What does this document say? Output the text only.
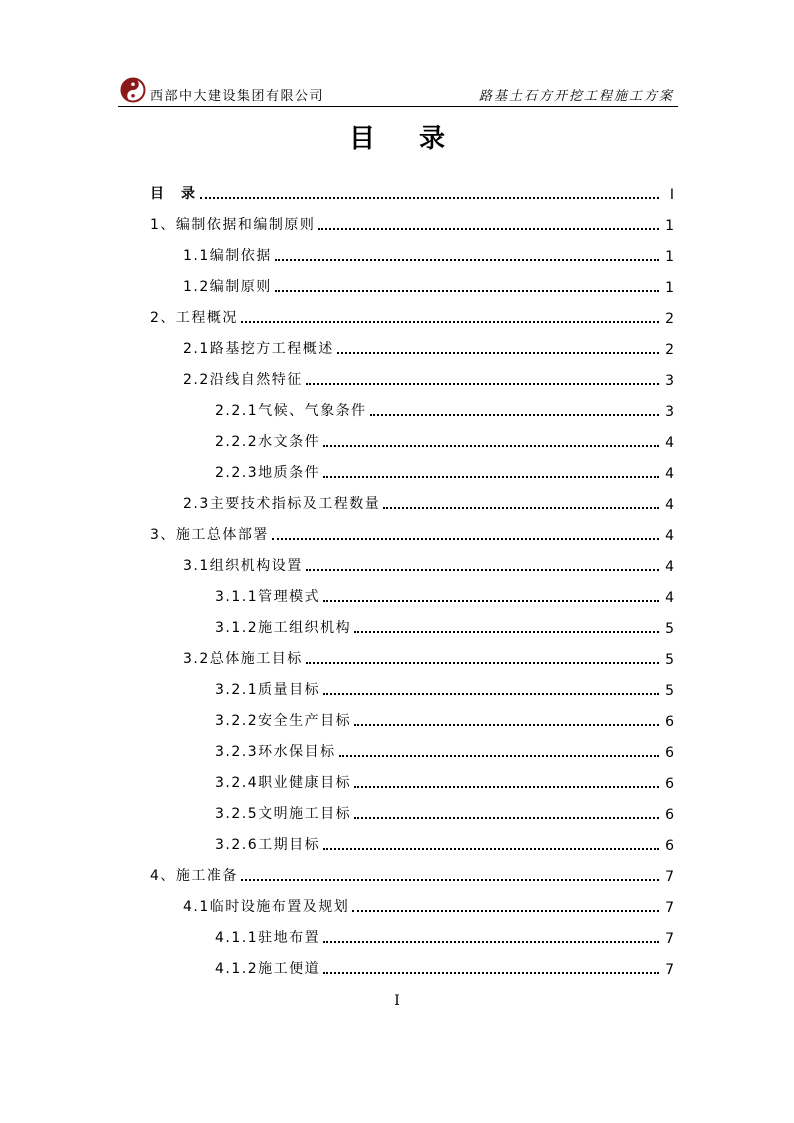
西部中大建设集团有限公司	路基土石方开挖工程施工方案
目 录
目　录	I
1、编制依据和编制原则	1
1.1编制依据	1
1.2编制原则	1
2、工程概况	2
2.1路基挖方工程概述	2
2.2沿线自然特征	3
2.2.1气候、气象条件	3
2.2.2水文条件	4
2.2.3地质条件	4
2.3主要技术指标及工程数量	4
3、施工总体部署	4
3.1组织机构设置	4
3.1.1管理模式	4
3.1.2施工组织机构	5
3.2总体施工目标	5
3.2.1质量目标	5
3.2.2安全生产目标	6
3.2.3环水保目标	6
3.2.4职业健康目标	6
3.2.5文明施工目标	6
3.2.6工期目标	6
4、施工准备	7
4.1临时设施布置及规划	7
4.1.1驻地布置	7
4.1.2施工便道	7
I
